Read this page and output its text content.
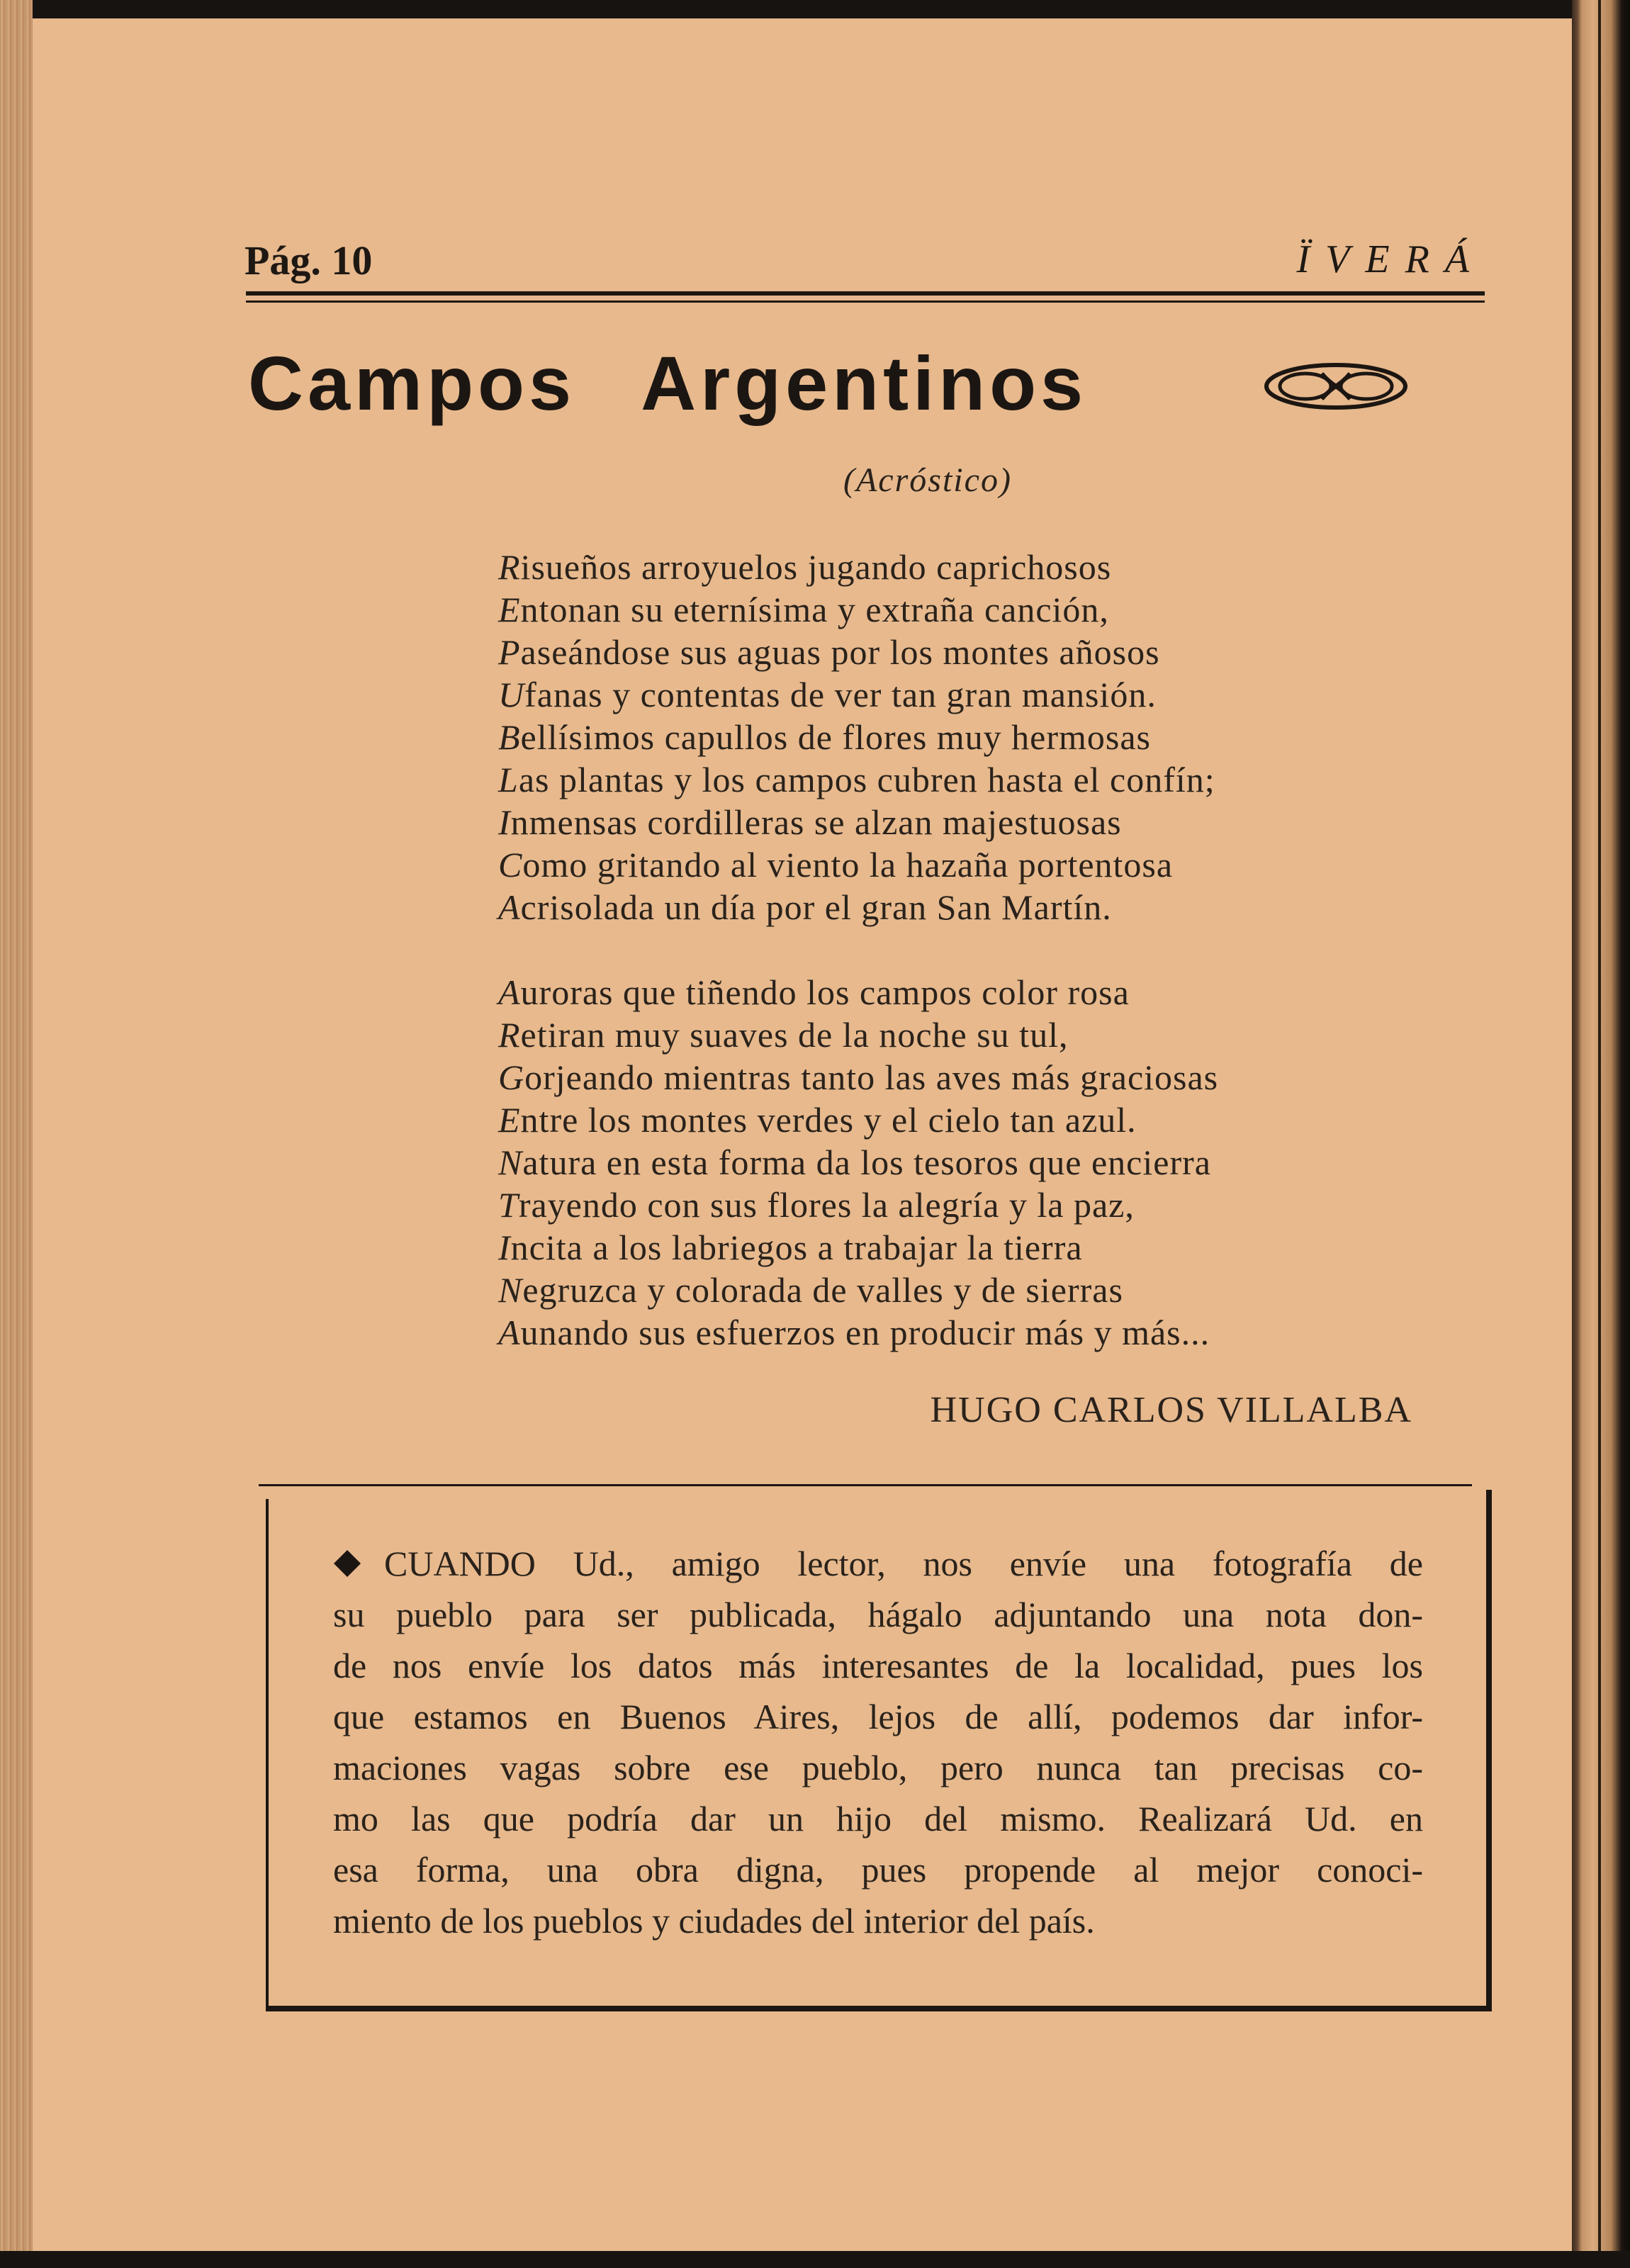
Pág. 10	ÏVERÁ
Campos Argentinos
(Acróstico)
Risueños arroyuelos jugando caprichosos
Entonan su eternísima y extraña canción,
Paseándose sus aguas por los montes añosos
Ufanas y contentas de ver tan gran mansión.
Bellísimos capullos de flores muy hermosas
Las plantas y los campos cubren hasta el confín;
Inmensas cordilleras se alzan majestuosas
Como gritando al viento la hazaña portentosa
Acrisolada un día por el gran San Martín.
Auroras que tiñendo los campos color rosa
Retiran muy suaves de la noche su tul,
Gorjeando mientras tanto las aves más graciosas
Entre los montes verdes y el cielo tan azul.
Natura en esta forma da los tesoros que encierra
Trayendo con sus flores la alegría y la paz,
Incita a los labriegos a trabajar la tierra
Negruzca y colorada de valles y de sierras
Aunando sus esfuerzos en producir más y más...
HUGO CARLOS VILLALBA
CUANDO Ud., amigo lector, nos envíe una fotografía de
su pueblo para ser publicada, hágalo adjuntando una nota don-
de nos envíe los datos más interesantes de la localidad, pues los
que estamos en Buenos Aires, lejos de allí, podemos dar infor-
maciones vagas sobre ese pueblo, pero nunca tan precisas co-
mo las que podría dar un hijo del mismo. Realizará Ud. en
esa forma, una obra digna, pues propende al mejor conoci-
miento de los pueblos y ciudades del interior del país.
